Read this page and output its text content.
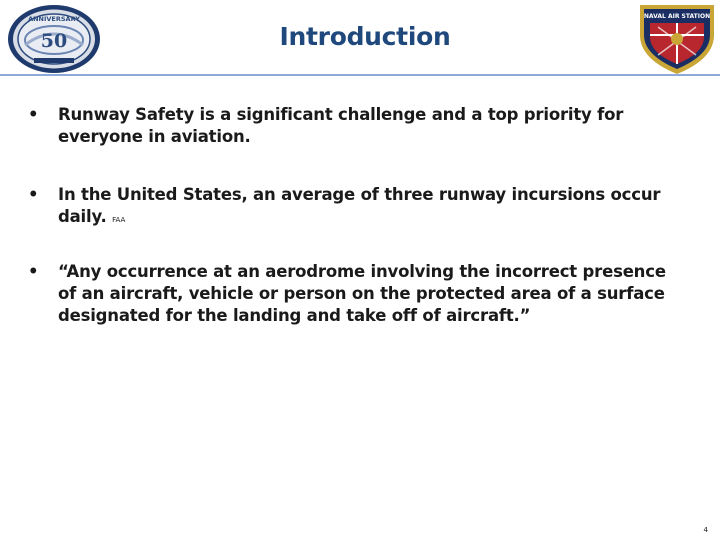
ANNIVERSARY
50	Introduction
NAVAL AIR STATION
• Runway Safety is a significant challenge and a top priority for everyone in aviation.
• In the United States, an average of three runway incursions occur daily. FAA
• “Any occurrence at an aerodrome involving the incorrect presence of an aircraft, vehicle or person on the protected area of a surface designated for the landing and take off of aircraft.”
4
